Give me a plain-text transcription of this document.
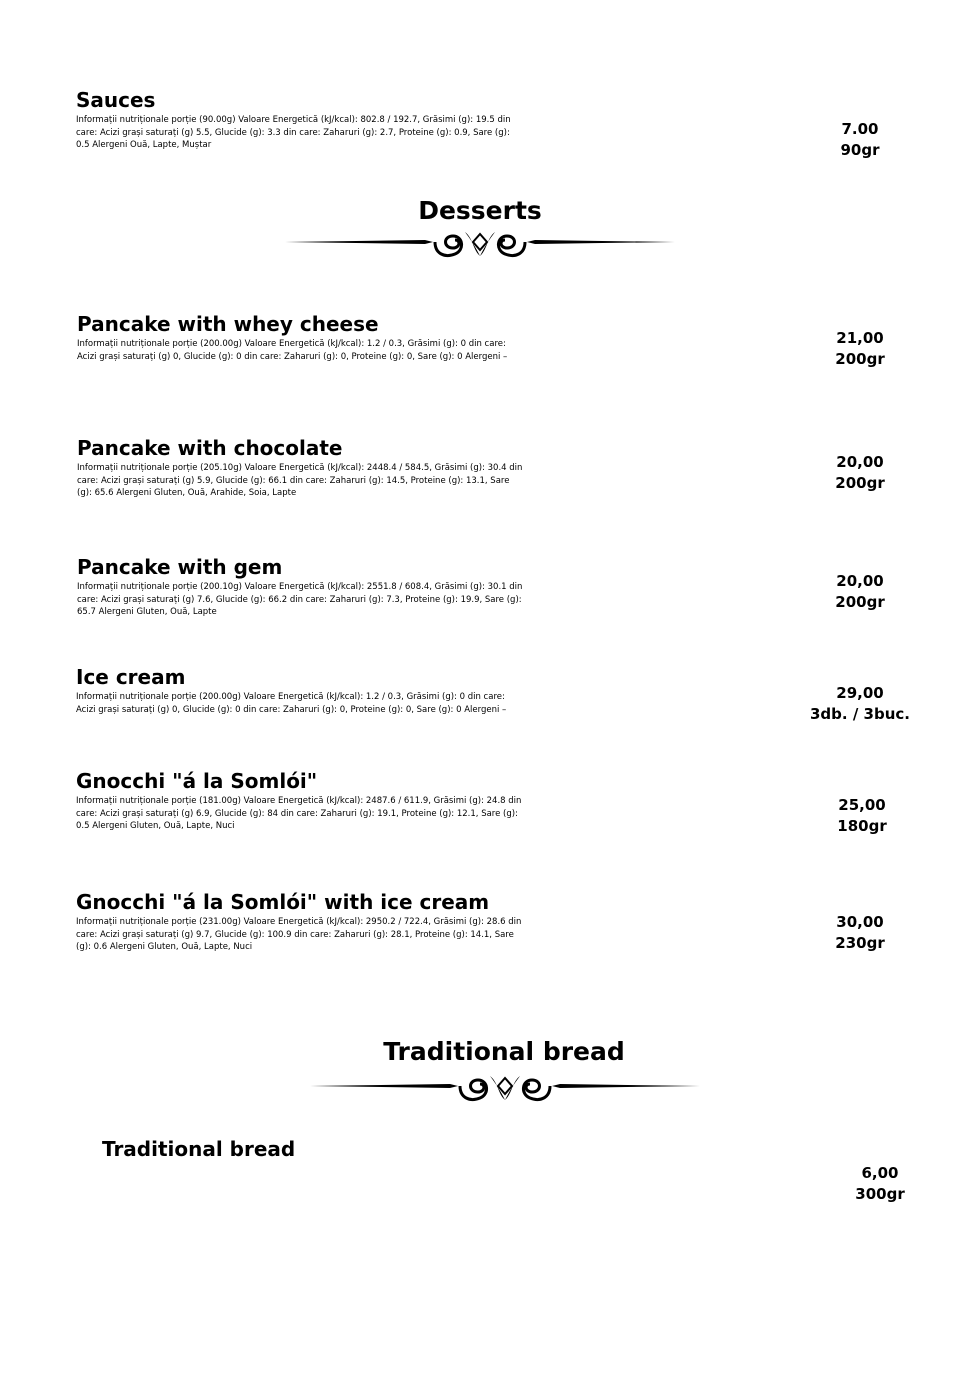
Sauces

Informații nutriționale porție (90.00g) Valoare Energetică (kJ/kcal): 802.8 / 192.7, Grăsimi (g): 19.5 din care: Acizi grași saturați (g) 5.5, Glucide (g): 3.3 din care: Zaharuri (g): 2.7, Proteine (g): 0.9, Sare (g): 0.5 Alergeni Ouă, Lapte, Muștar

7.00
90gr
Desserts
Pancake with whey cheese

Informații nutriționale porție (200.00g) Valoare Energetică (kJ/kcal): 1.2 / 0.3, Grăsimi (g): 0 din care: Acizi grași saturați (g) 0, Glucide (g): 0 din care: Zaharuri (g): 0, Proteine (g): 0, Sare (g): 0 Alergeni –

21,00
200gr
Pancake with chocolate

Informații nutriționale porție (205.10g) Valoare Energetică (kJ/kcal): 2448.4 / 584.5, Grăsimi (g): 30.4 din care: Acizi grași saturați (g) 5.9, Glucide (g): 66.1 din care: Zaharuri (g): 14.5, Proteine (g): 13.1, Sare (g): 65.6 Alergeni Gluten, Ouă, Arahide, Soia, Lapte

20,00
200gr
Pancake with gem

Informații nutriționale porție (200.10g) Valoare Energetică (kJ/kcal): 2551.8 / 608.4, Grăsimi (g): 30.1 din care: Acizi grași saturați (g) 7.6, Glucide (g): 66.2 din care: Zaharuri (g): 7.3, Proteine (g): 19.9, Sare (g): 65.7 Alergeni Gluten, Ouă, Lapte

20,00
200gr
Ice cream

Informații nutriționale porție (200.00g) Valoare Energetică (kJ/kcal): 1.2 / 0.3, Grăsimi (g): 0 din care: Acizi grași saturați (g) 0, Glucide (g): 0 din care: Zaharuri (g): 0, Proteine (g): 0, Sare (g): 0 Alergeni –

29,00
3db. / 3buc.
Gnocchi "á la Somlói"

Informații nutriționale porție (181.00g) Valoare Energetică (kJ/kcal): 2487.6 / 611.9, Grăsimi (g): 24.8 din care: Acizi grași saturați (g) 6.9, Glucide (g): 84 din care: Zaharuri (g): 19.1, Proteine (g): 12.1, Sare (g): 0.5 Alergeni Gluten, Ouă, Lapte, Nuci

25,00
180gr
Gnocchi "á la Somlói" with ice cream

Informații nutriționale porție (231.00g) Valoare Energetică (kJ/kcal): 2950.2 / 722.4, Grăsimi (g): 28.6 din care: Acizi grași saturați (g) 9.7, Glucide (g): 100.9 din care: Zaharuri (g): 28.1, Proteine (g): 14.1, Sare (g): 0.6 Alergeni Gluten, Ouă, Lapte, Nuci

30,00
230gr
Traditional bread
Traditional bread
6,00
300gr
